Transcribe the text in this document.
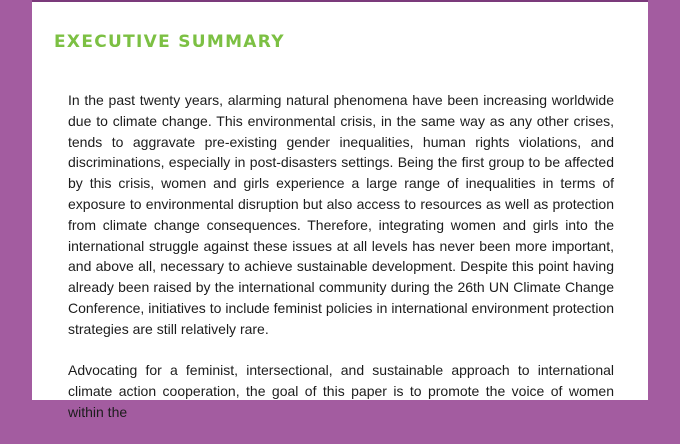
EXECUTIVE SUMMARY

In the past twenty years, alarming natural phenomena have been increasing worldwide due to climate change. This environmental crisis, in the same way as any other crises, tends to aggravate pre-existing gender inequalities, human rights violations, and discriminations, especially in post-disasters settings. Being the first group to be affected by this crisis, women and girls experience a large range of inequalities in terms of exposure to environmental disruption but also access to resources as well as protection from climate change consequences. Therefore, integrating women and girls into the international struggle against these issues at all levels has never been more important, and above all, necessary to achieve sustainable development. Despite this point having already been raised by the international community during the 26th UN Climate Change Conference, initiatives to include feminist policies in international environment protection strategies are still relatively rare.

Advocating for a feminist, intersectional, and sustainable approach to international climate action cooperation, the goal of this paper is to promote the voice of women within the
